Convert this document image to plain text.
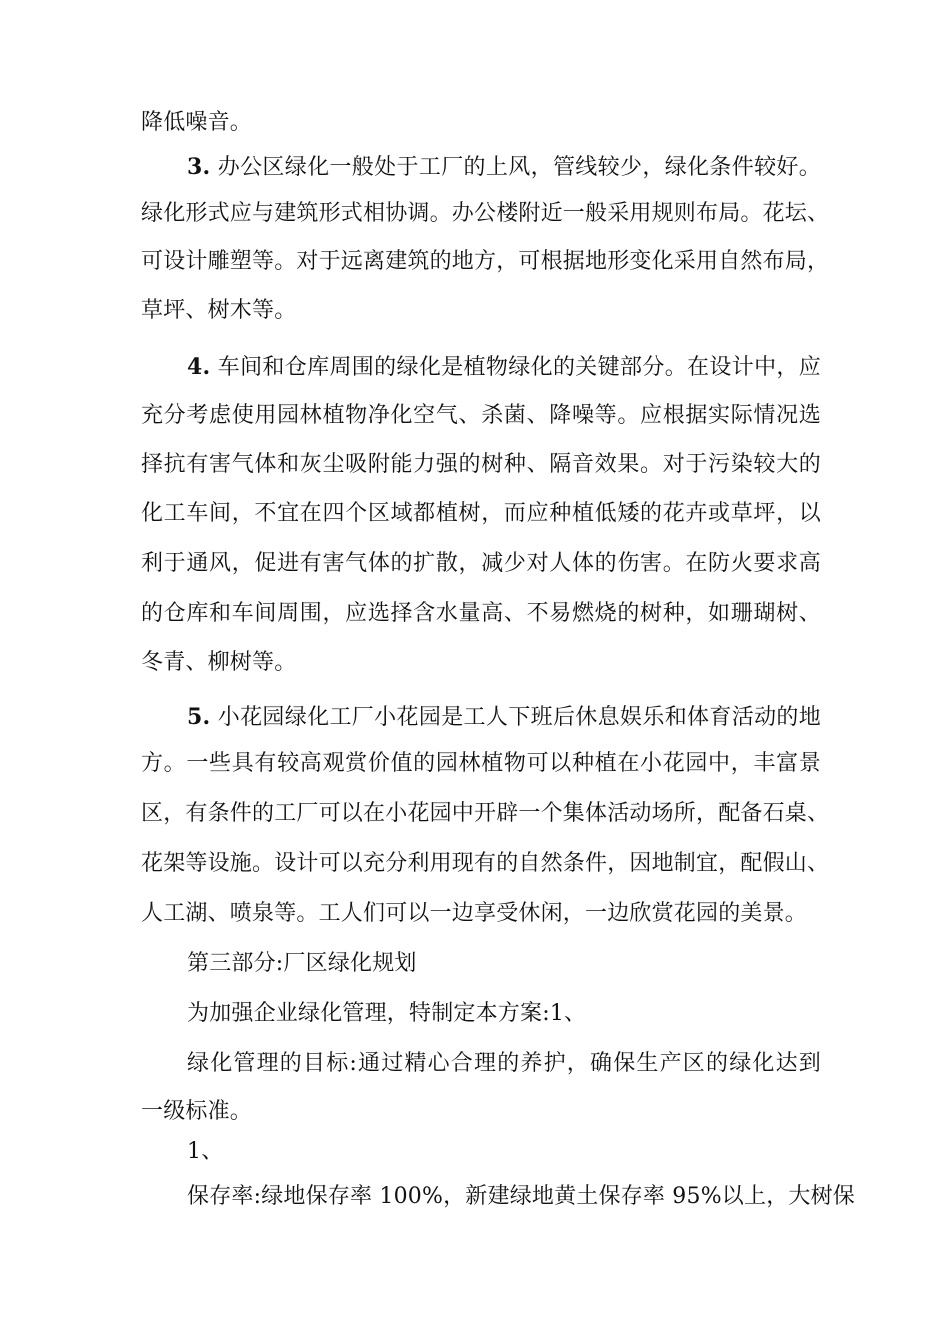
降低噪音。
3. 办公区绿化一般处于工厂的上风，管线较少，绿化条件较好。
绿化形式应与建筑形式相协调。办公楼附近一般采用规则布局。花坛、
可设计雕塑等。对于远离建筑的地方，可根据地形变化采用自然布局，
草坪、树木等。
4. 车间和仓库周围的绿化是植物绿化的关键部分。在设计中，应
充分考虑使用园林植物净化空气、杀菌、降噪等。应根据实际情况选
择抗有害气体和灰尘吸附能力强的树种、隔音效果。对于污染较大的
化工车间，不宜在四个区域都植树，而应种植低矮的花卉或草坪，以
利于通风，促进有害气体的扩散，减少对人体的伤害。在防火要求高
的仓库和车间周围，应选择含水量高、不易燃烧的树种，如珊瑚树、
冬青、柳树等。
5. 小花园绿化工厂小花园是工人下班后休息娱乐和体育活动的地
方。一些具有较高观赏价值的园林植物可以种植在小花园中，丰富景
区，有条件的工厂可以在小花园中开辟一个集体活动场所，配备石桌、
花架等设施。设计可以充分利用现有的自然条件，因地制宜，配假山、
人工湖、喷泉等。工人们可以一边享受休闲，一边欣赏花园的美景。
第三部分:厂区绿化规划
为加强企业绿化管理，特制定本方案:1、
绿化管理的目标:通过精心合理的养护，确保生产区的绿化达到
一级标准。
1、
保存率:绿地保存率 100%，新建绿地黄土保存率 95%以上，大树保
